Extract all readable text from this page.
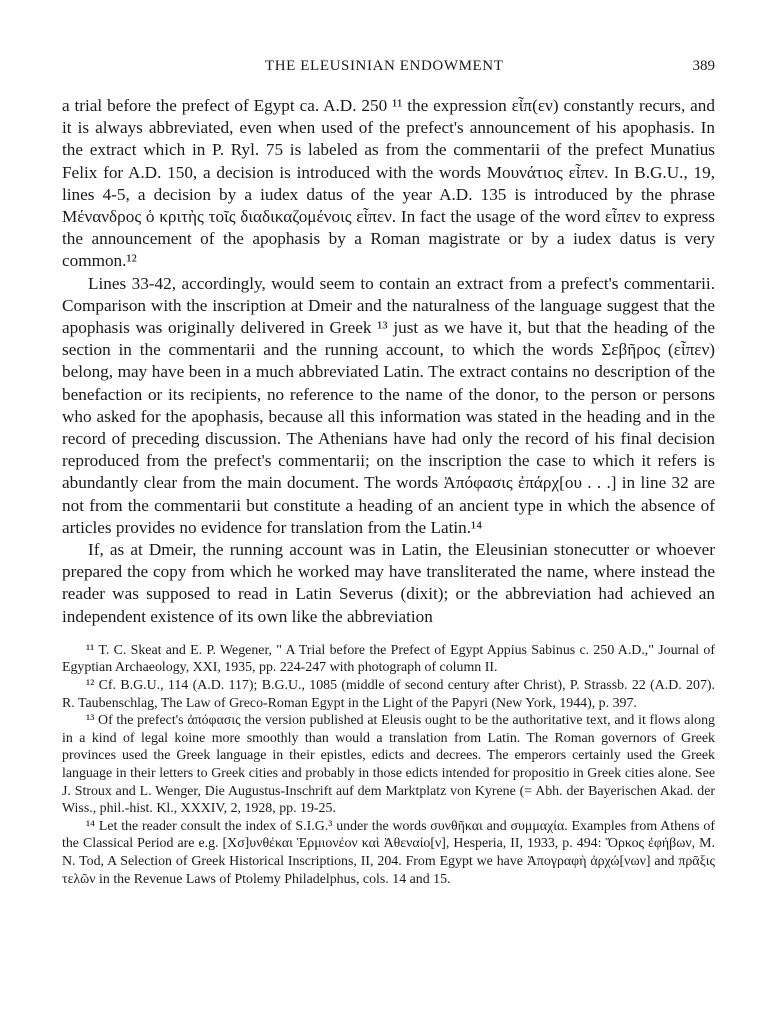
THE ELEUSINIAN ENDOWMENT	389

a trial before the prefect of Egypt ca. A.D. 250 ¹¹ the expression εἶπ(εν) constantly recurs, and it is always abbreviated, even when used of the prefect's announcement of his apophasis. In the extract which in P. Ryl. 75 is labeled as from the commentarii of the prefect Munatius Felix for A.D. 150, a decision is introduced with the words Μουνάτιος εἶπεν. In B.G.U., 19, lines 4-5, a decision by a iudex datus of the year A.D. 135 is introduced by the phrase Μένανδρος ὁ κριτὴς τοῖς διαδικαζομένοις εἶπεν. In fact the usage of the word εἶπεν to express the announcement of the apophasis by a Roman magistrate or by a iudex datus is very common.¹²

Lines 33-42, accordingly, would seem to contain an extract from a prefect's commentarii. Comparison with the inscription at Dmeir and the naturalness of the language suggest that the apophasis was originally delivered in Greek ¹³ just as we have it, but that the heading of the section in the commentarii and the running account, to which the words Σεβῆρος (εἶπεν) belong, may have been in a much abbreviated Latin. The extract contains no description of the benefaction or its recipients, no reference to the name of the donor, to the person or persons who asked for the apophasis, because all this information was stated in the heading and in the record of preceding discussion. The Athenians have had only the record of his final decision reproduced from the prefect's commentarii; on the inscription the case to which it refers is abundantly clear from the main document. The words Ἀπόφασις ἐπάρχ[ου . . .] in line 32 are not from the commentarii but constitute a heading of an ancient type in which the absence of articles provides no evidence for translation from the Latin.¹⁴

If, as at Dmeir, the running account was in Latin, the Eleusinian stonecutter or whoever prepared the copy from which he worked may have transliterated the name, where instead the reader was supposed to read in Latin Severus (dixit); or the abbreviation had achieved an independent existence of its own like the abbreviation

¹¹ T. C. Skeat and E. P. Wegener, " A Trial before the Prefect of Egypt Appius Sabinus c. 250 A.D.," Journal of Egyptian Archaeology, XXI, 1935, pp. 224-247 with photograph of column II.

¹² Cf. B.G.U., 114 (A.D. 117); B.G.U., 1085 (middle of second century after Christ), P. Strassb. 22 (A.D. 207). R. Taubenschlag, The Law of Greco-Roman Egypt in the Light of the Papyri (New York, 1944), p. 397.

¹³ Of the prefect's ἀπόφασις the version published at Eleusis ought to be the authoritative text, and it flows along in a kind of legal koine more smoothly than would a translation from Latin. The Roman governors of Greek provinces used the Greek language in their epistles, edicts and decrees. The emperors certainly used the Greek language in their letters to Greek cities and probably in those edicts intended for propositio in Greek cities alone. See J. Stroux and L. Wenger, Die Augustus-Inschrift auf dem Marktplatz von Kyrene (= Abh. der Bayerischen Akad. der Wiss., phil.-hist. Kl., XXXIV, 2, 1928, pp. 19-25.

¹⁴ Let the reader consult the index of S.I.G.³ under the words συνθῆκαι and συμμαχία. Examples from Athens of the Classical Period are e.g. [Χσ]υνθέκαι Ἑρμιονέον καὶ Ἀθεναίο[ν], Hesperia, II, 1933, p. 494: Ὅρκος ἐφήβων, M. N. Tod, A Selection of Greek Historical Inscriptions, II, 204. From Egypt we have Ἀπογραφὴ ἀρχώ[νων] and πρᾶξις τελῶν in the Revenue Laws of Ptolemy Philadelphus, cols. 14 and 15.
